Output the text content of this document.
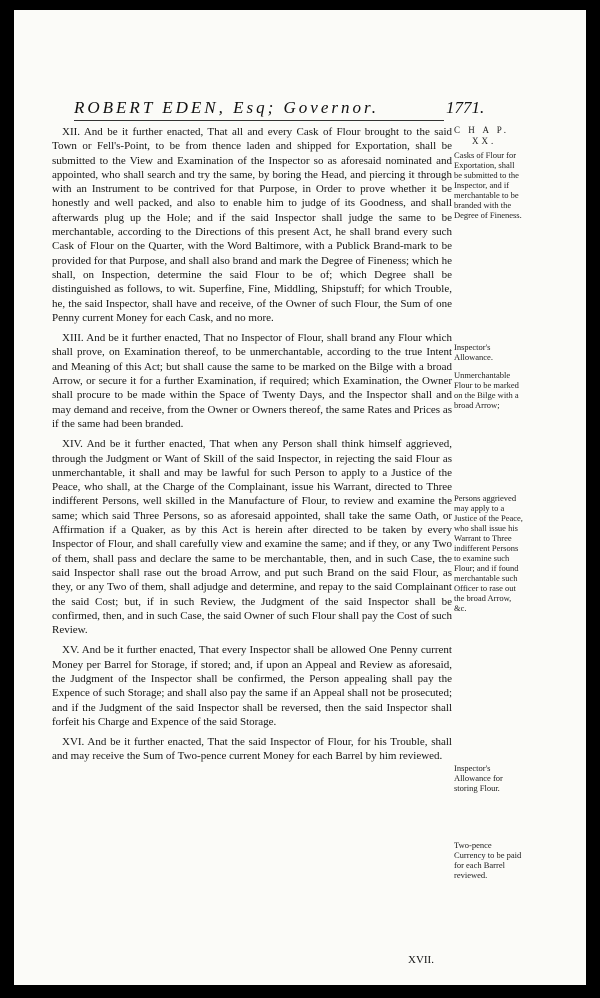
ROBERT EDEN, Esq; Governor.	1771.
C H A P.
XX.

XII. And be it further enacted, That all and every Cask of Flour brought to the said Town or Fell's-Point, to be from thence laden and shipped for Exportation, shall be submitted to the View and Examination of the Inspector so as aforesaid nominated and appointed, who shall search and try the same, by boring the Head, and piercing it through with an Instrument to be contrived for that Purpose, in Order to prove whether it be honestly and well packed, and also to enable him to judge of its Goodness, and shall afterwards plug up the Hole; and if the said Inspector shall judge the same to be merchantable, according to the Directions of this present Act, he shall brand every such Cask of Flour on the Quarter, with the Word Baltimore, with a Publick Brand-mark to be provided for that Purpose, and shall also brand and mark the Degree of Fineness; which he shall, on Inspection, determine the said Flour to be of; which Degree shall be distinguished as follows, to wit. Superfine, Fine, Middling, Shipstuff; for which Trouble, he, the said Inspector, shall have and receive, of the Owner of such Flour, the Sum of one Penny current Money for each Cask, and no more.

XIII. And be it further enacted, That no Inspector of Flour, shall brand any Flour which shall prove, on Examination thereof, to be unmerchantable, according to the true Intent and Meaning of this Act; but shall cause the same to be marked on the Bilge with a broad Arrow, or secure it for a further Examination, if required; which Examination, the Owner shall procure to be made within the Space of Twenty Days, and the Inspector shall and may demand and receive, from the Owner or Owners thereof, the same Rates and Prices as if the same had been branded.

XIV. And be it further enacted, That when any Person shall think himself aggrieved, through the Judgment or Want of Skill of the said Inspector, in rejecting the said Flour as unmerchantable, it shall and may be lawful for such Person to apply to a Justice of the Peace, who shall, at the Charge of the Complainant, issue his Warrant, directed to Three indifferent Persons, well skilled in the Manufacture of Flour, to review and examine the same; which said Three Persons, so as aforesaid appointed, shall take the same Oath, or Affirmation if a Quaker, as by this Act is herein after directed to be taken by every Inspector of Flour, and shall carefully view and examine the same; and if they, or any Two of them, shall pass and declare the same to be merchantable, then, and in such Case, the said Inspector shall rase out the broad Arrow, and put such Brand on the said Flour, as they, or any Two of them, shall adjudge and determine, and repay to the said Complainant the said Cost; but, if in such Review, the Judgment of the said Inspector shall be confirmed, then, and in such Case, the said Owner of such Flour shall pay the Cost of such Review.

XV. And be it further enacted, That every Inspector shall be allowed One Penny current Money per Barrel for Storage, if stored; and, if upon an Appeal and Review as aforesaid, the Judgment of the Inspector shall be confirmed, the Person appealing shall pay the Expence of such Storage; and shall also pay the same if an Appeal shall not be prosecuted; and if the Judgment of the said Inspector shall be reversed, then the said Inspector shall forfeit his Charge and Expence of the said Storage.

XVI. And be it further enacted, That the said Inspector of Flour, for his Trouble, shall and may receive the Sum of Two-pence current Money for each Barrel by him reviewed.

Casks of Flour for Exportation, shall be submitted to the Inspector, and if merchantable to be branded with the Degree of Fineness.
Inspector's Allowance.
Unmerchantable Flour to be marked on the Bilge with a broad Arrow;
Persons aggrieved may apply to a Justice of the Peace, who shall issue his Warrant to Three indifferent Persons to examine such Flour; and if found merchantable such Officer to rase out the broad Arrow, &c.
Inspector's Allowance for storing Flour.
Two-pence Currency to be paid for each Barrel reviewed.
XVII.
